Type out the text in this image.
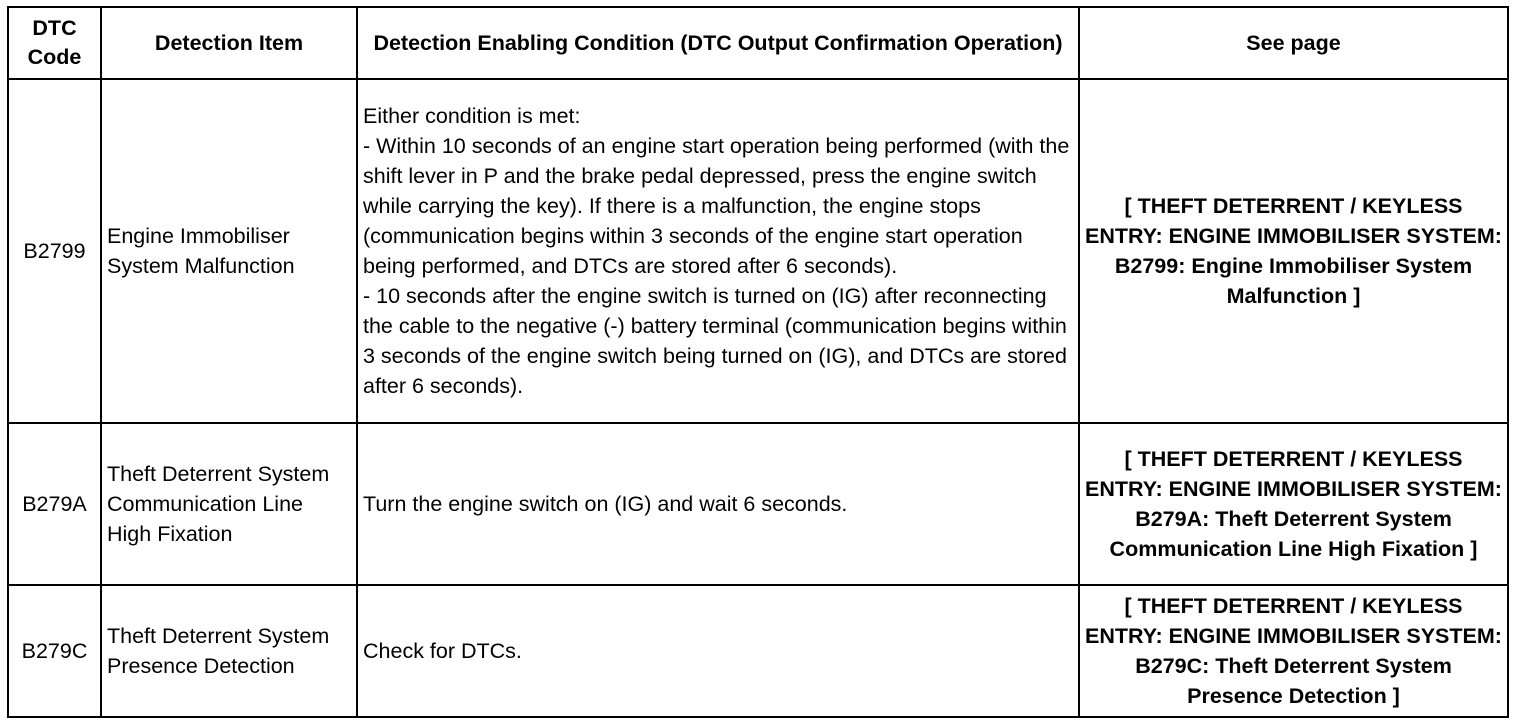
DTC Code	Detection Item	Detection Enabling Condition (DTC Output Confirmation Operation)	See page
B2799	Engine Immobiliser System Malfunction	Either condition is met:
- Within 10 seconds of an engine start operation being performed (with the shift lever in P and the brake pedal depressed, press the engine switch while carrying the key). If there is a malfunction, the engine stops (communication begins within 3 seconds of the engine start operation being performed, and DTCs are stored after 6 seconds).
- 10 seconds after the engine switch is turned on (IG) after reconnecting the cable to the negative (-) battery terminal (communication begins within 3 seconds of the engine switch being turned on (IG), and DTCs are stored after 6 seconds).	[ THEFT DETERRENT / KEYLESS ENTRY: ENGINE IMMOBILISER SYSTEM: B2799: Engine Immobiliser System Malfunction ]
B279A	Theft Deterrent System Communication Line High Fixation	Turn the engine switch on (IG) and wait 6 seconds.	[ THEFT DETERRENT / KEYLESS ENTRY: ENGINE IMMOBILISER SYSTEM: B279A: Theft Deterrent System Communication Line High Fixation ]
B279C	Theft Deterrent System Presence Detection	Check for DTCs.	[ THEFT DETERRENT / KEYLESS ENTRY: ENGINE IMMOBILISER SYSTEM: B279C: Theft Deterrent System Presence Detection ]
